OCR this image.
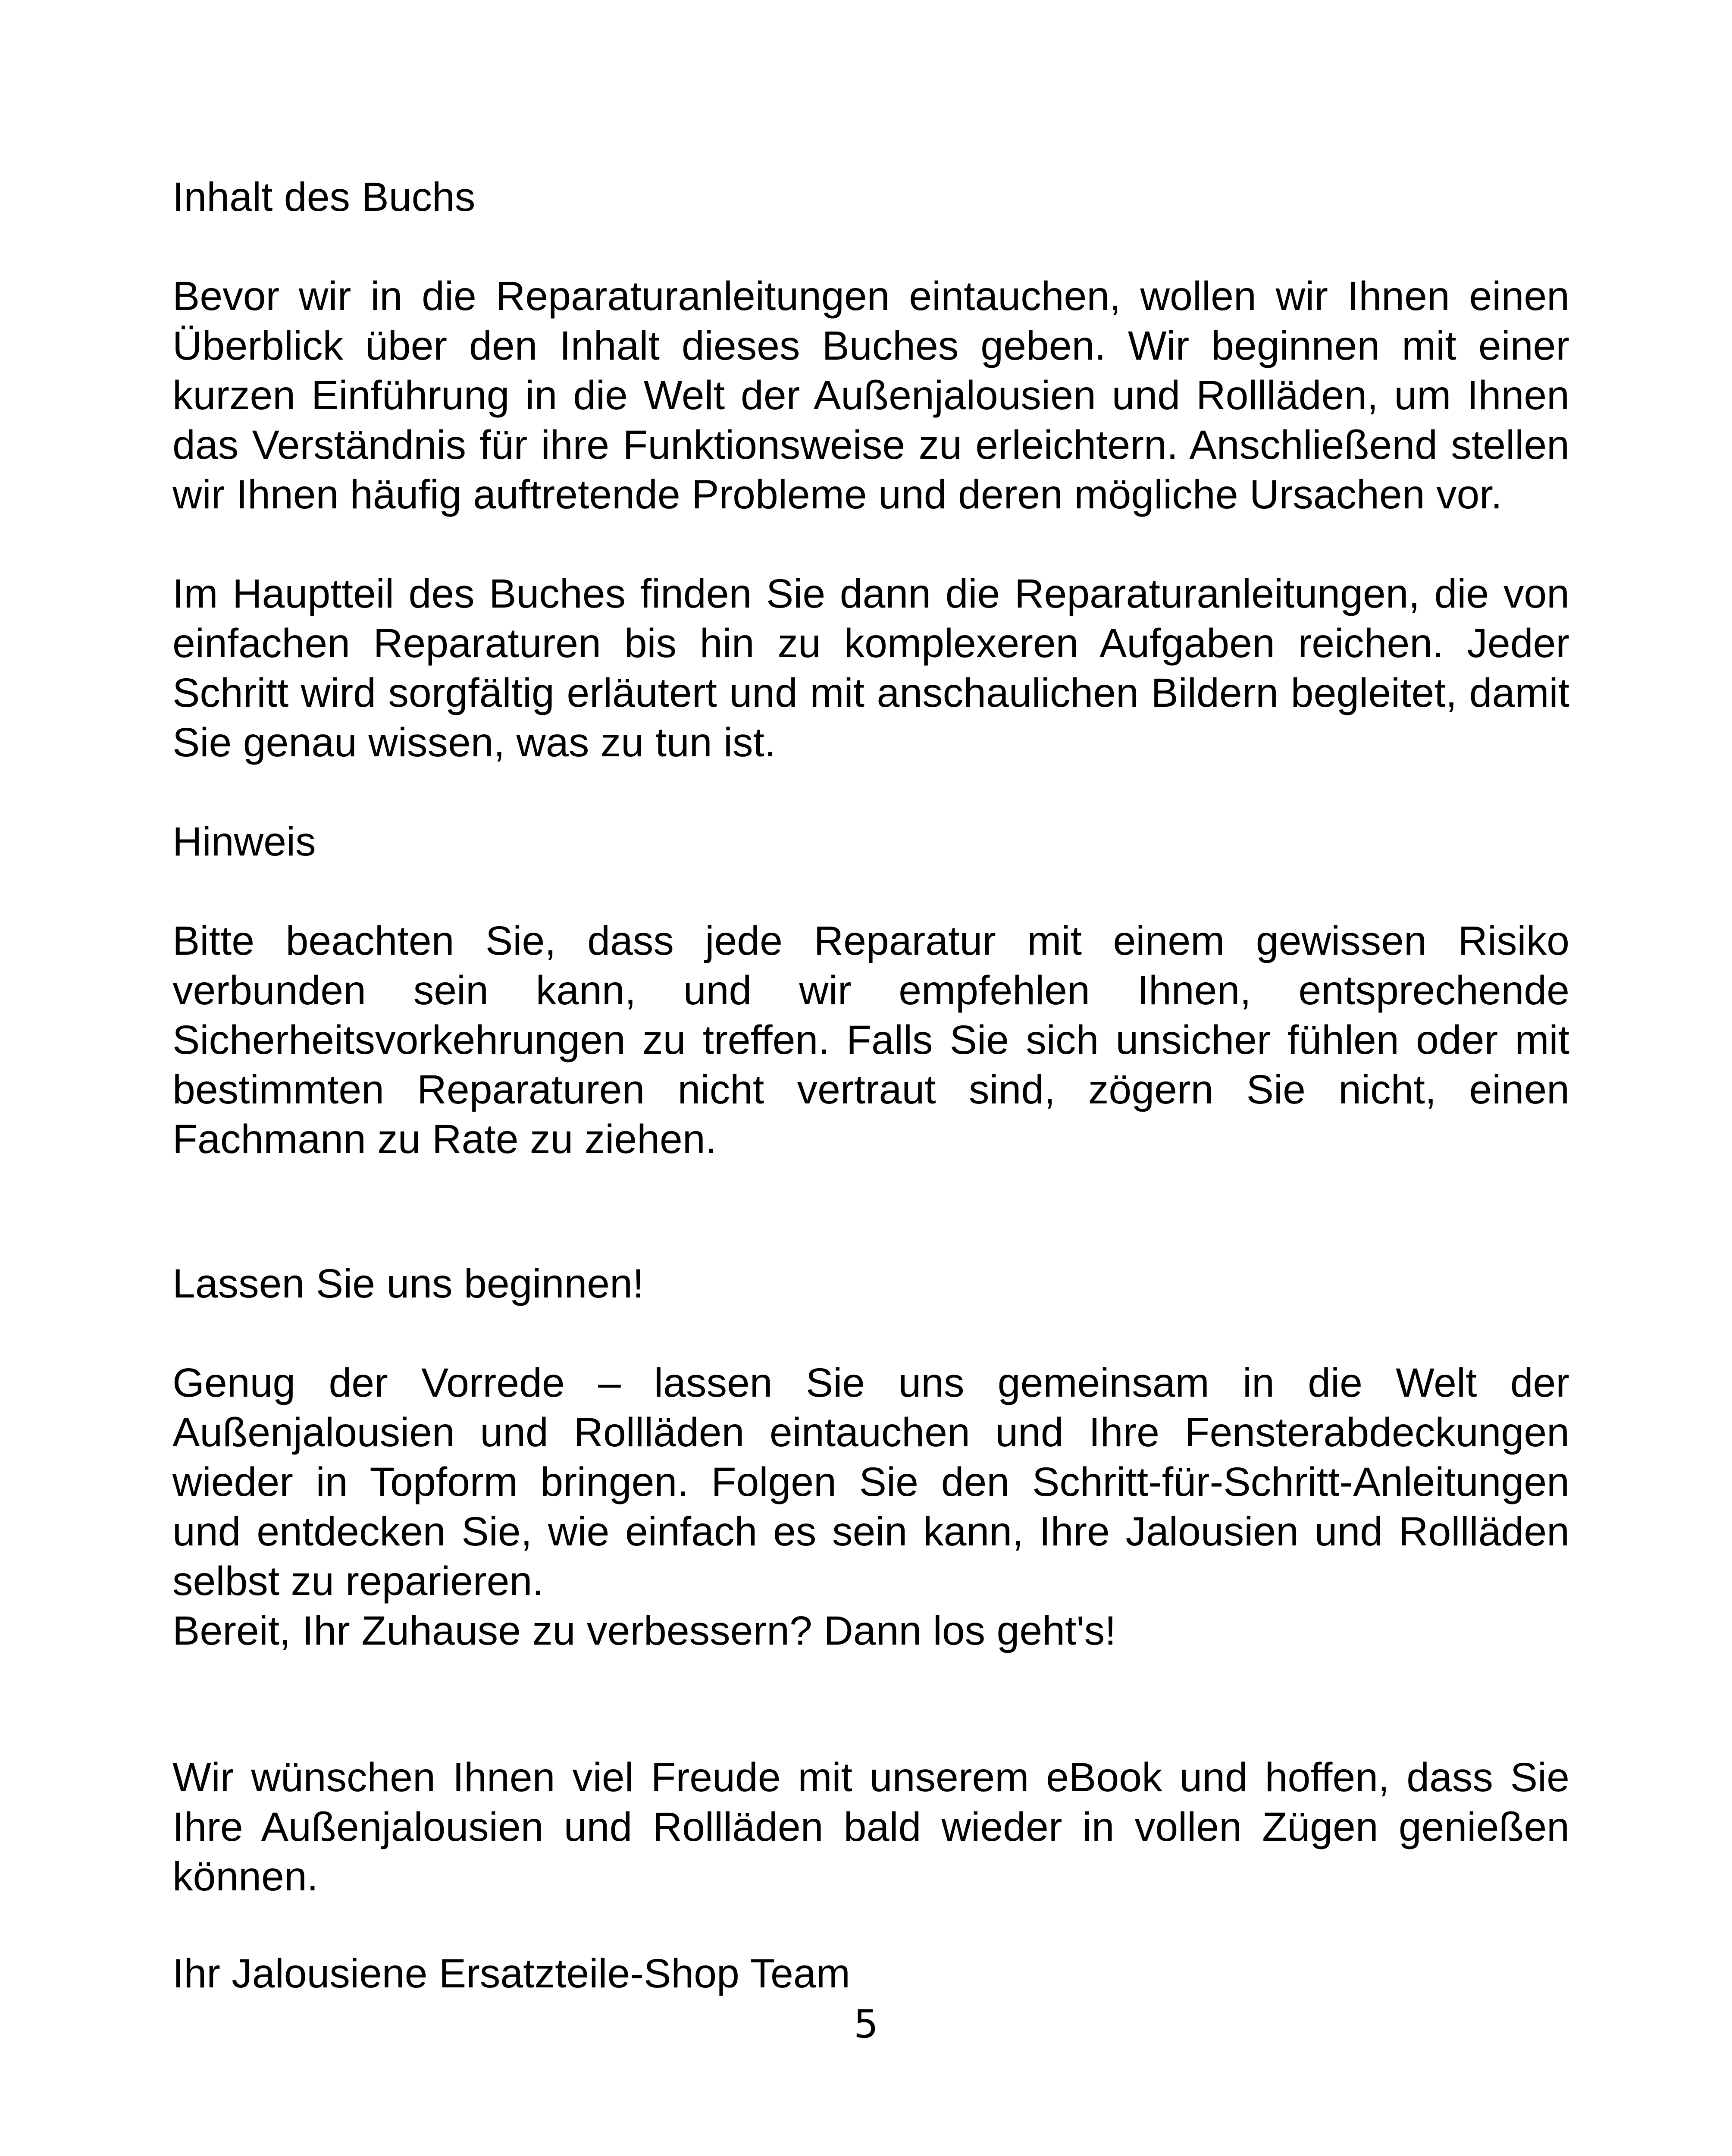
Inhalt des Buchs

Bevor wir in die Reparaturanleitungen eintauchen, wollen wir Ihnen einen Überblick über den Inhalt dieses Buches geben. Wir beginnen mit einer kurzen Einführung in die Welt der Außenjalousien und Rollläden, um Ihnen das Verständnis für ihre Funktionsweise zu erleichtern. Anschließend stellen wir Ihnen häufig auftretende Probleme und deren mögliche Ursachen vor.

Im Hauptteil des Buches finden Sie dann die Reparaturanleitungen, die von einfachen Reparaturen bis hin zu komplexeren Aufgaben reichen. Jeder Schritt wird sorgfältig erläutert und mit anschaulichen Bildern begleitet, damit Sie genau wissen, was zu tun ist.

Hinweis

Bitte beachten Sie, dass jede Reparatur mit einem gewissen Risiko verbunden sein kann, und wir empfehlen Ihnen, entsprechende Sicherheitsvorkehrungen zu treffen. Falls Sie sich unsicher fühlen oder mit bestimmten Reparaturen nicht vertraut sind, zögern Sie nicht, einen Fachmann zu Rate zu ziehen.

Lassen Sie uns beginnen!

Genug der Vorrede – lassen Sie uns gemeinsam in die Welt der Außenjalousien und Rollläden eintauchen und Ihre Fensterabdeckungen wieder in Topform bringen. Folgen Sie den Schritt-für-Schritt-Anleitungen und entdecken Sie, wie einfach es sein kann, Ihre Jalousien und Rollläden selbst zu reparieren.

Bereit, Ihr Zuhause zu verbessern? Dann los geht's!

Wir wünschen Ihnen viel Freude mit unserem eBook und hoffen, dass Sie Ihre Außenjalousien und Rollläden bald wieder in vollen Zügen genießen können.

Ihr Jalousiene Ersatzteile-Shop Team

5
